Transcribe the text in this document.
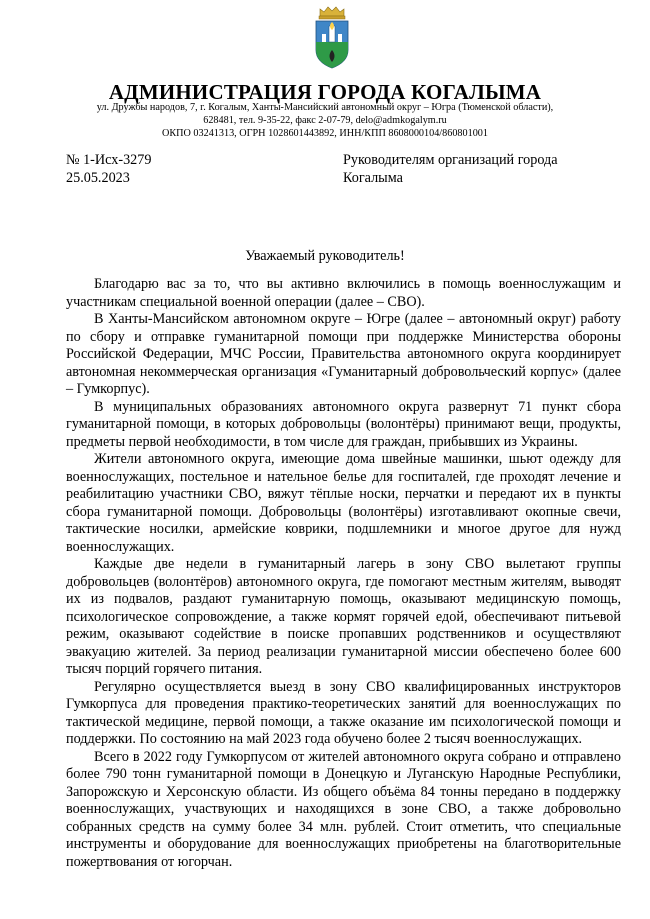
АДМИНИСТРАЦИЯ ГОРОДА КОГАЛЫМА
ул. Дружбы народов, 7, г. Когалым, Ханты-Мансийский автономный округ – Югра (Тюменской области),
628481, тел. 9-35-22, факс 2-07-79, delo@admkogalym.ru
ОКПО 03241313, ОГРН 1028601443892, ИНН/КПП 8608000104/860801001
№ 1-Исх-3279
25.05.2023
Руководителям организаций города
Когалыма
Уважаемый руководитель!

Благодарю вас за то, что вы активно включились в помощь военнослужащим и участникам специальной военной операции (далее – СВО).

В Ханты-Мансийском автономном округе – Югре (далее – автономный округ) работу по сбору и отправке гуманитарной помощи при поддержке Министерства обороны Российской Федерации, МЧС России, Правительства автономного округа координирует автономная некоммерческая организация «Гуманитарный добровольческий корпус» (далее – Гумкорпус).

В муниципальных образованиях автономного округа развернут 71 пункт сбора гуманитарной помощи, в которых добровольцы (волонтёры) принимают вещи, продукты, предметы первой необходимости, в том числе для граждан, прибывших из Украины.

Жители автономного округа, имеющие дома швейные машинки, шьют одежду для военнослужащих, постельное и нательное белье для госпиталей, где проходят лечение и реабилитацию участники СВО, вяжут тёплые носки, перчатки и передают их в пункты сбора гуманитарной помощи. Добровольцы (волонтёры) изготавливают окопные свечи, тактические носилки, армейские коврики, подшлемники и многое другое для нужд военнослужащих.

Каждые две недели в гуманитарный лагерь в зону СВО вылетают группы добровольцев (волонтёров) автономного округа, где помогают местным жителям, выводят их из подвалов, раздают гуманитарную помощь, оказывают медицинскую помощь, психологическое сопровождение, а также кормят горячей едой, обеспечивают питьевой режим, оказывают содействие в поиске пропавших родственников и осуществляют эвакуацию жителей. За период реализации гуманитарной миссии обеспечено более 600 тысяч порций горячего питания.

Регулярно осуществляется выезд в зону СВО квалифицированных инструкторов Гумкорпуса для проведения практико-теоретических занятий для военнослужащих по тактической медицине, первой помощи, а также оказание им психологической помощи и поддержки. По состоянию на май 2023 года обучено более 2 тысяч военнослужащих.

Всего в 2022 году Гумкорпусом от жителей автономного округа собрано и отправлено более 790 тонн гуманитарной помощи в Донецкую и Луганскую Народные Республики, Запорожскую и Херсонскую области. Из общего объёма 84 тонны передано в поддержку военнослужащих, участвующих и находящихся в зоне СВО, а также добровольно собранных средств на сумму более 34 млн. рублей. Стоит отметить, что специальные инструменты и оборудование для военнослужащих приобретены на благотворительные пожертвования от югорчан.
